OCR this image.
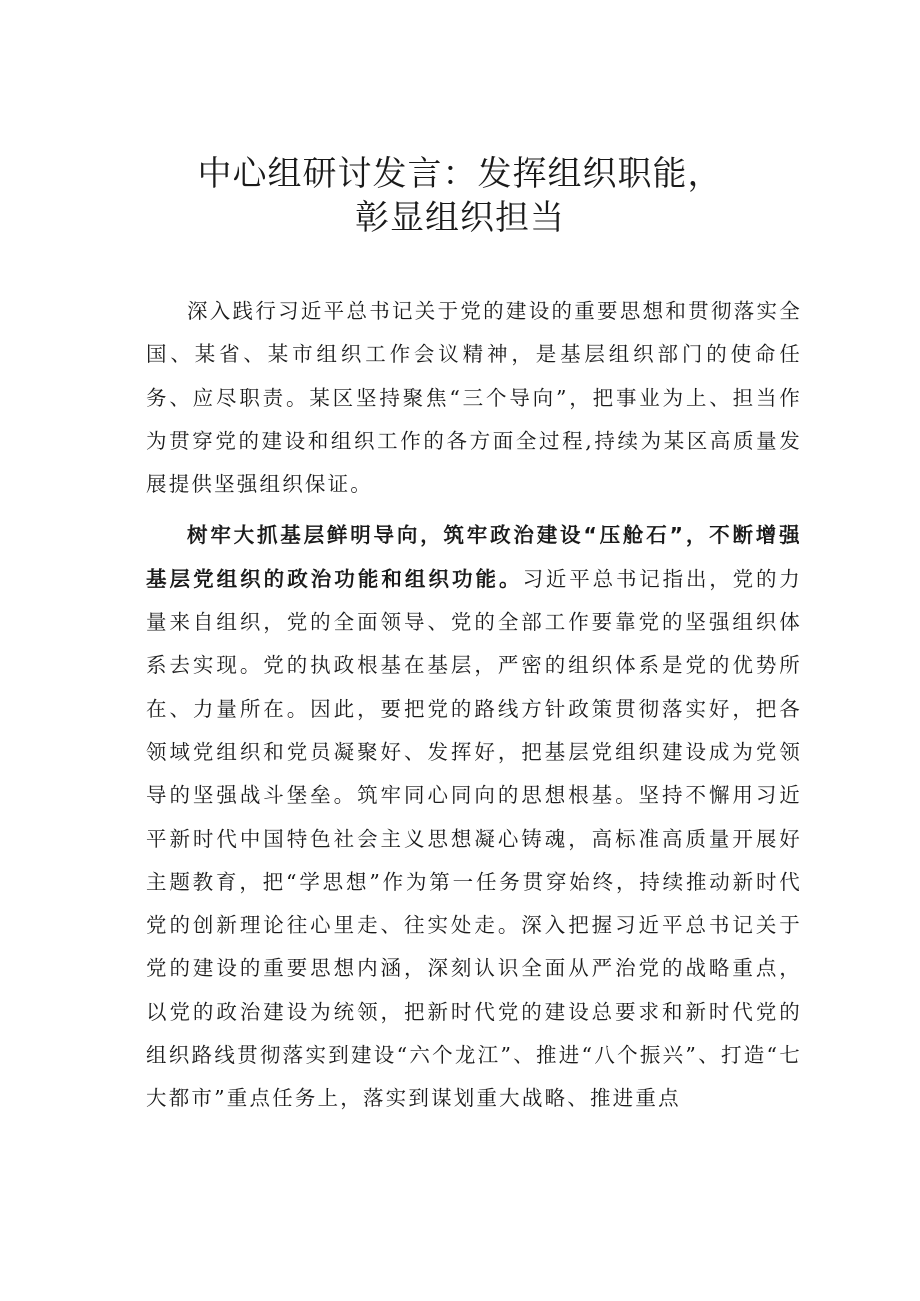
中心组研讨发言：发挥组织职能，
彰显组织担当

深入践行习近平总书记关于党的建设的重要思想和贯彻落实全国、某省、某市组织工作会议精神，是基层组织部门的使命任务、应尽职责。某区坚持聚焦“三个导向”，把事业为上、担当作为贯穿党的建设和组织工作的各方面全过程,持续为某区高质量发展提供坚强组织保证。

树牢大抓基层鲜明导向，筑牢政治建设“压舱石”，不断增强基层党组织的政治功能和组织功能。习近平总书记指出，党的力量来自组织，党的全面领导、党的全部工作要靠党的坚强组织体系去实现。党的执政根基在基层，严密的组织体系是党的优势所在、力量所在。因此，要把党的路线方针政策贯彻落实好，把各领域党组织和党员凝聚好、发挥好，把基层党组织建设成为党领导的坚强战斗堡垒。筑牢同心同向的思想根基。坚持不懈用习近平新时代中国特色社会主义思想凝心铸魂，高标准高质量开展好主题教育，把“学思想”作为第一任务贯穿始终，持续推动新时代党的创新理论往心里走、往实处走。深入把握习近平总书记关于党的建设的重要思想内涵，深刻认识全面从严治党的战略重点，以党的政治建设为统领，把新时代党的建设总要求和新时代党的组织路线贯彻落实到建设“六个龙江”、推进“八个振兴”、打造“七大都市”重点任务上，落实到谋划重大战略、推进重点
